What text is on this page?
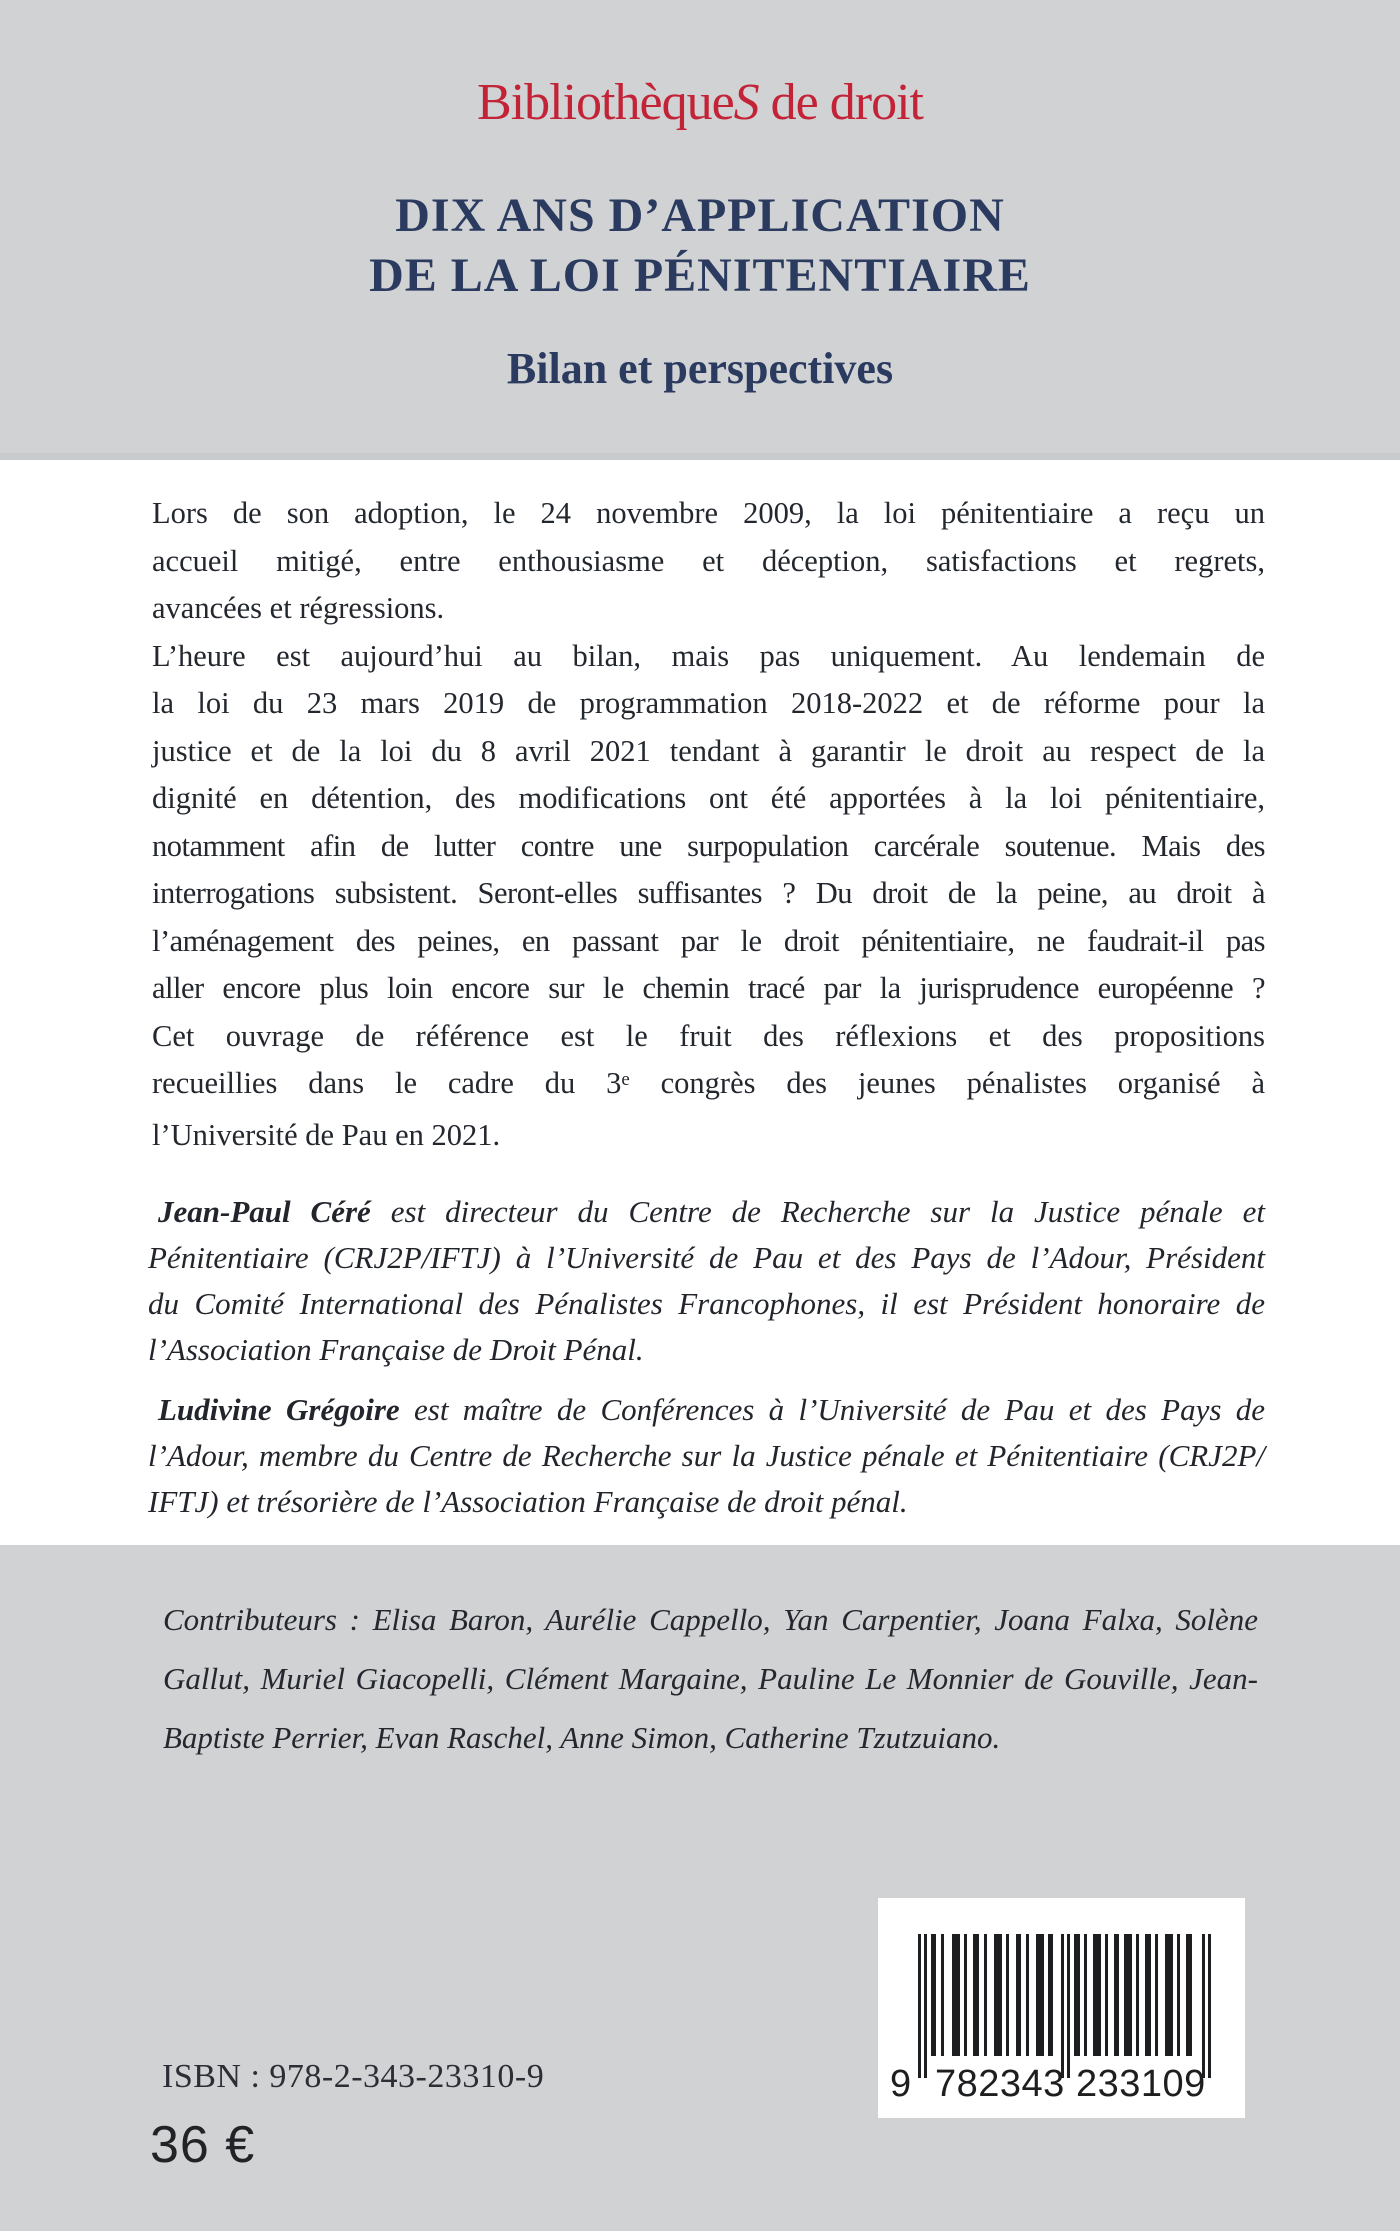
BibliothèqueS de droit
DIX ANS D’APPLICATION
DE LA LOI PÉNITENTIAIRE
Bilan et perspectives
Lors de son adoption, le 24 novembre 2009, la loi pénitentiaire a reçu un
accueil mitigé, entre enthousiasme et déception, satisfactions et regrets,
avancées et régressions.
L’heure est aujourd’hui au bilan, mais pas uniquement. Au lendemain de
la loi du 23 mars 2019 de programmation 2018-2022 et de réforme pour la
justice et de la loi du 8 avril 2021 tendant à garantir le droit au respect de la
dignité en détention, des modifications ont été apportées à la loi pénitentiaire,
notamment afin de lutter contre une surpopulation carcérale soutenue. Mais des
interrogations subsistent. Seront-elles suffisantes ? Du droit de la peine, au droit à
l’aménagement des peines, en passant par le droit pénitentiaire, ne faudrait-il pas
aller encore plus loin encore sur le chemin tracé par la jurisprudence européenne ?
Cet ouvrage de référence est le fruit des réflexions et des propositions
recueillies dans le cadre du 3e congrès des jeunes pénalistes organisé à
l’Université de Pau en 2021.
Jean-Paul Céré est directeur du Centre de Recherche sur la Justice pénale et
Pénitentiaire (CRJ2P/IFTJ) à l’Université de Pau et des Pays de l’Adour, Président
du Comité International des Pénalistes Francophones, il est Président honoraire de
l’Association Française de Droit Pénal.
Ludivine Grégoire est maître de Conférences à l’Université de Pau et des Pays de
l’Adour, membre du Centre de Recherche sur la Justice pénale et Pénitentiaire (CRJ2P/
IFTJ) et trésorière de l’Association Française de droit pénal.
Contributeurs : Elisa Baron, Aurélie Cappello, Yan Carpentier, Joana Falxa, Solène
Gallut, Muriel Giacopelli, Clément Margaine, Pauline Le Monnier de Gouville, Jean-
Baptiste Perrier, Evan Raschel, Anne Simon, Catherine Tzutzuiano.
ISBN : 978-2-343-23310-9
36 €
9 782343 233109
